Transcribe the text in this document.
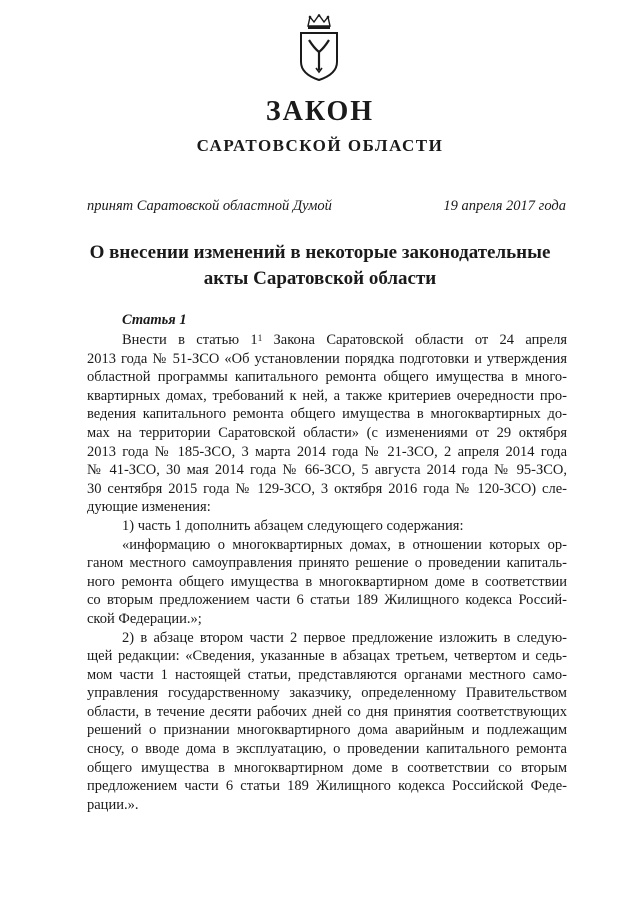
ЗАКОН
САРАТОВСКОЙ ОБЛАСТИ
принят Саратовской областной Думой	19 апреля 2017 года
О внесении изменений в некоторые законодательные
акты Саратовской области
Статья 1
Внести в статью $1^1$ Закона Саратовской области от 24 апреля
2013 года № 51-ЗСО «Об установлении порядка подготовки и утверждения
областной программы капитального ремонта общего имущества в много-
квартирных домах, требований к ней, а также критериев очередности про-
ведения капитального ремонта общего имущества в многоквартирных до-
мах на территории Саратовской области» (с изменениями от 29 октября
2013 года № 185-ЗСО, 3 марта 2014 года № 21-ЗСО, 2 апреля 2014 года
№ 41-ЗСО, 30 мая 2014 года № 66-ЗСО, 5 августа 2014 года № 95-ЗСО,
30 сентября 2015 года № 129-ЗСО, 3 октября 2016 года № 120-ЗСО) сле-
дующие изменения:
1) часть 1 дополнить абзацем следующего содержания:
«информацию о многоквартирных домах, в отношении которых ор-
ганом местного самоуправления принято решение о проведении капиталь-
ного ремонта общего имущества в многоквартирном доме в соответствии
со вторым предложением части 6 статьи 189 Жилищного кодекса Россий-
ской Федерации.»;
2) в абзаце втором части 2 первое предложение изложить в следую-
щей редакции: «Сведения, указанные в абзацах третьем, четвертом и седь-
мом части 1 настоящей статьи, представляются органами местного само-
управления государственному заказчику, определенному Правительством
области, в течение десяти рабочих дней со дня принятия соответствующих
решений о признании многоквартирного дома аварийным и подлежащим
сносу, о вводе дома в эксплуатацию, о проведении капитального ремонта
общего имущества в многоквартирном доме в соответствии со вторым
предложением части 6 статьи 189 Жилищного кодекса Российской Феде-
рации.».
